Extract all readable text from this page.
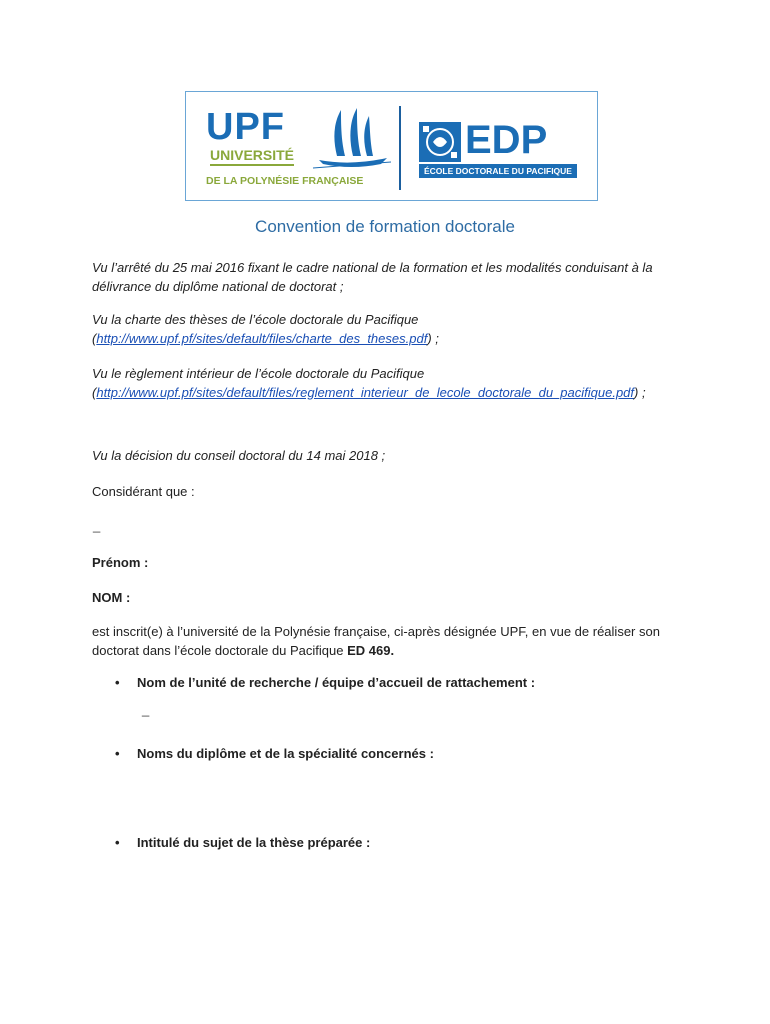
UPF
UNIVERSITÉ
DE LA POLYNÉSIE FRANÇAISE
EDP
ÉCOLE DOCTORALE DU PACIFIQUE
Convention de formation doctorale

Vu l’arrêté du 25 mai 2016 fixant le cadre national de la formation et les modalités conduisant à la délivrance du diplôme national de doctorat ;

Vu la charte des thèses de l’école doctorale du Pacifique
(http://www.upf.pf/sites/default/files/charte_des_theses.pdf) ;

Vu le règlement intérieur de l’école doctorale du Pacifique
(http://www.upf.pf/sites/default/files/reglement_interieur_de_lecole_doctorale_du_pacifique.pdf) ;

Vu la décision du conseil doctoral du 14 mai 2018 ;

Considérant que :

_

Prénom :

NOM :

est inscrit(e) à l’université de la Polynésie française, ci-après désignée UPF, en vue de réaliser son doctorat dans l’école doctorale du Pacifique ED 469.

• Nom de l’unité de recherche / équipe d’accueil de rattachement :
_
• Noms du diplôme et de la spécialité concernés :
• Intitulé du sujet de la thèse préparée :
